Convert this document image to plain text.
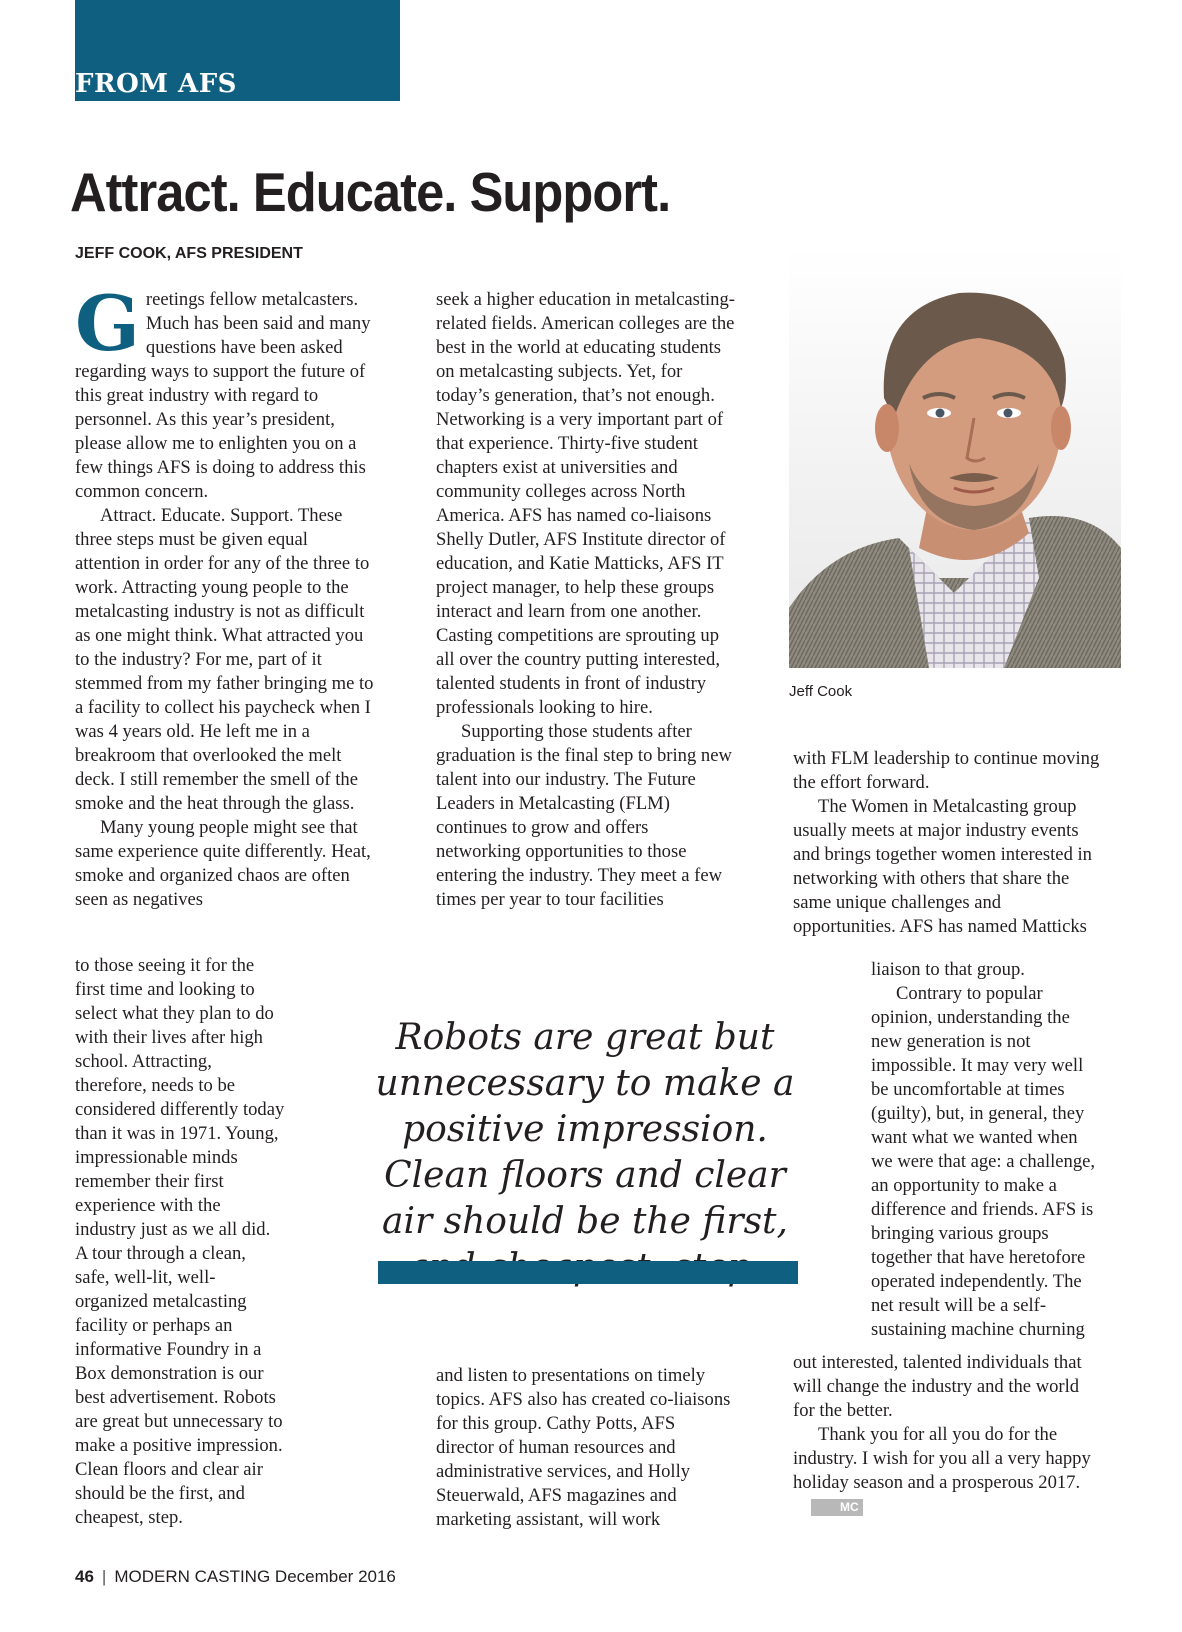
FROM AFS
Attract. Educate. Support.

JEFF COOK, AFS PRESIDENT

Greetings fellow metalcasters. Much has been said and many questions have been asked regarding ways to support the future of this great industry with regard to personnel. As this year’s president, please allow me to enlighten you on a few things AFS is doing to address this common concern.

Attract. Educate. Support. These three steps must be given equal attention in order for any of the three to work. Attracting young people to the metalcasting industry is not as difficult as one might think. What attracted you to the industry? For me, part of it stemmed from my father bringing me to a facility to collect his paycheck when I was 4 years old. He left me in a breakroom that overlooked the melt deck. I still remember the smell of the smoke and the heat through the glass.

Many young people might see that same experience quite differently. Heat, smoke and organized chaos are often seen as negatives

to those seeing it for the first time and looking to select what they plan to do with their lives after high school. Attracting, therefore, needs to be considered differently today than it was in 1971. Young, impressionable minds remember their first experience with the industry just as we all did. A tour through a clean, safe, well-lit, well-organized metalcasting facility or perhaps an informative Foundry in a Box demonstration is our best advertisement. Robots are great but unnecessary to make a positive impression. Clean floors and clear air should be the first, and cheapest, step.

seek a higher education in metalcasting-related fields. American colleges are the best in the world at educating students on metalcasting subjects. Yet, for today’s generation, that’s not enough. Networking is a very important part of that experience. Thirty-five student chapters exist at universities and community colleges across North America. AFS has named co-liaisons Shelly Dutler, AFS Institute director of education, and Katie Matticks, AFS IT project manager, to help these groups interact and learn from one another. Casting competitions are sprouting up all over the country putting interested, talented students in front of industry professionals looking to hire.

Supporting those students after graduation is the final step to bring new talent into our industry. The Future Leaders in Metalcasting (FLM) continues to grow and offers networking opportunities to those entering the industry. They meet a few times per year to tour facilities

and listen to presentations on timely topics. AFS also has created co-liaisons for this group. Cathy Potts, AFS director of human resources and administrative services, and Holly Steuerwald, AFS magazines and marketing assistant, will work

Jeff Cook

Robots are great but unnecessary to make a positive impression. Clean floors and clear air should be the first,

with FLM leadership to continue moving the effort forward.

The Women in Metalcasting group usually meets at major industry events and brings together women interested in networking with others that share the same unique challenges and opportunities. AFS has named Matticks

liaison to that group.

Contrary to popular opinion, understanding the new generation is not impossible. It may very well be uncomfortable at times (guilty), but, in general, they want what we wanted when we were that age: a challenge, an opportunity to make a difference and friends. AFS is bringing various groups together that have heretofore operated independently. The net result will be a self-sustaining machine churning

out interested, talented individuals that will change the industry and the world for the better.

Thank you for all you do for the industry. I wish for you all a very happy holiday season and a prosperous 2017.MC

46 | MODERN CASTING December 2016
